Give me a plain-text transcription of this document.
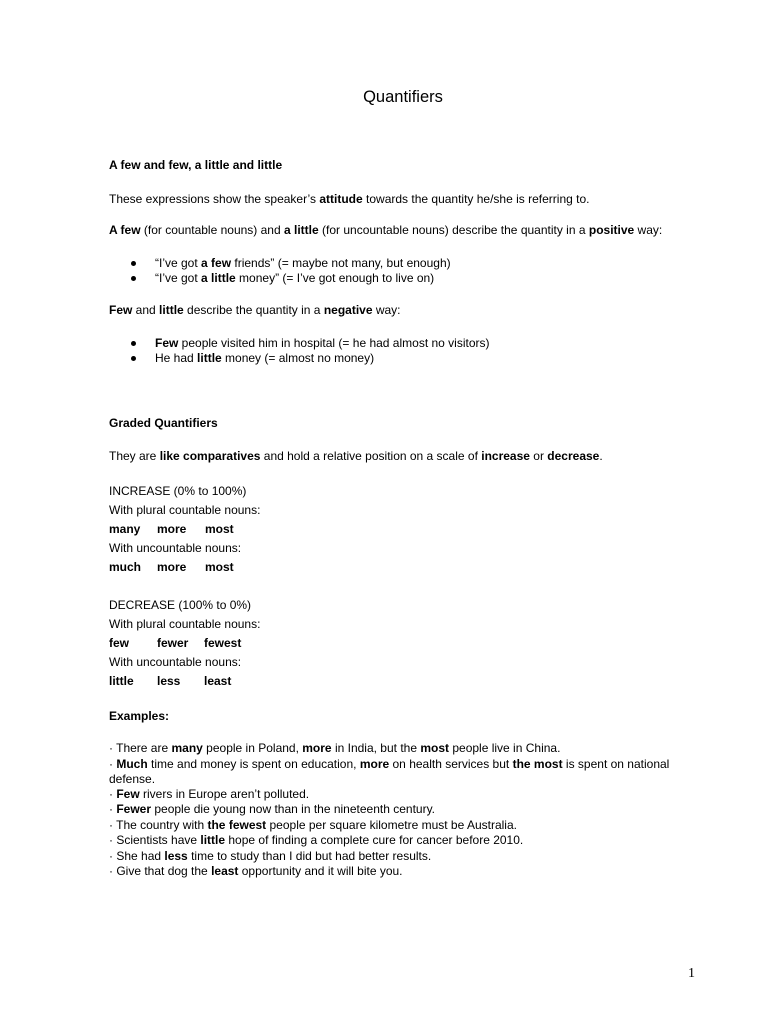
Quantifiers
A few and few, a little and little
These expressions show the speaker’s attitude towards the quantity he/she is referring to.
A few (for countable nouns) and a little (for uncountable nouns) describe the quantity in a positive way:
“I’ve got a few friends” (= maybe not many, but enough)
“I’ve got a little money” (= I’ve got enough to live on)
Few and little describe the quantity in a negative way:
Few people visited him in hospital (= he had almost no visitors)
He had little money (= almost no money)
Graded Quantifiers
They are like comparatives and hold a relative position on a scale of increase or decrease.
INCREASE (0% to 100%)
With plural countable nouns:
many more most
With uncountable nouns:
much more most
DECREASE (100% to 0%)
With plural countable nouns:
few fewer fewest
With uncountable nouns:
little less least
Examples:
· There are many people in Poland, more in India, but the most people live in China.
· Much time and money is spent on education, more on health services but the most is spent on national
defense.
· Few rivers in Europe aren’t polluted.
· Fewer people die young now than in the nineteenth century.
· The country with the fewest people per square kilometre must be Australia.
· Scientists have little hope of finding a complete cure for cancer before 2010.
· She had less time to study than I did but had better results.
· Give that dog the least opportunity and it will bite you.
1
